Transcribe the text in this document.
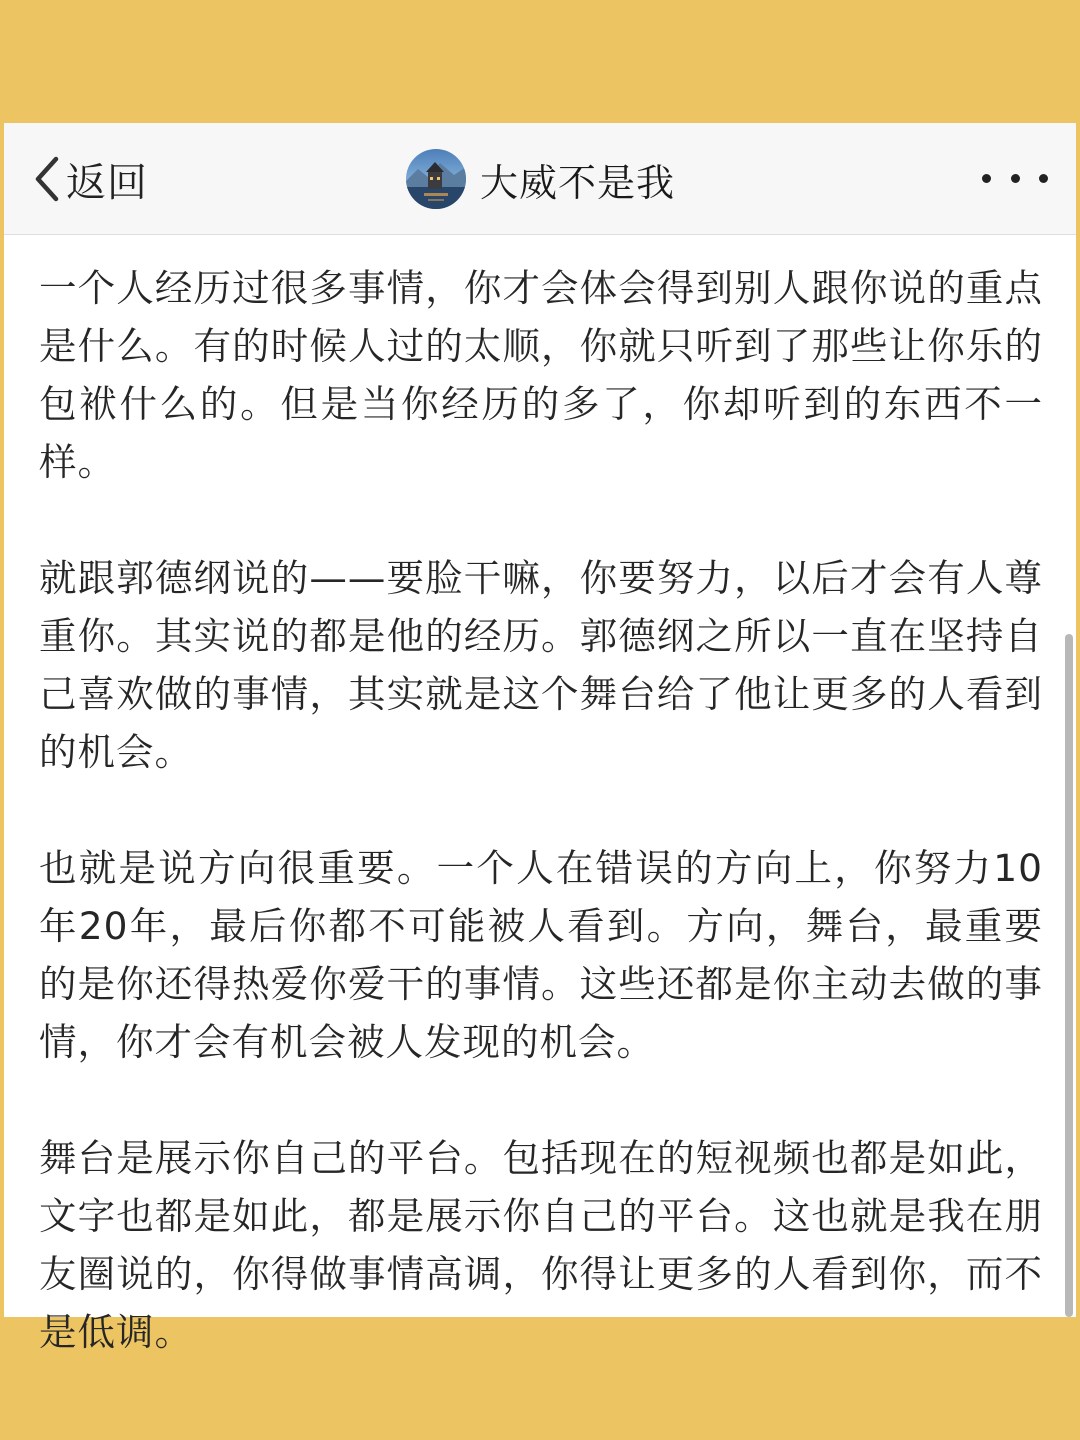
返回	大威不是我

一个人经历过很多事情，你才会体会得到别人跟你说的重点是什么。有的时候人过的太顺，你就只听到了那些让你乐的包袱什么的。但是当你经历的多了，你却听到的东西不一样。

就跟郭德纲说的——要脸干嘛，你要努力，以后才会有人尊重你。其实说的都是他的经历。郭德纲之所以一直在坚持自己喜欢做的事情，其实就是这个舞台给了他让更多的人看到的机会。

也就是说方向很重要。一个人在错误的方向上，你努力10年20年，最后你都不可能被人看到。方向，舞台，最重要的是你还得热爱你爱干的事情。这些还都是你主动去做的事情，你才会有机会被人发现的机会。

舞台是展示你自己的平台。包括现在的短视频也都是如此，文字也都是如此，都是展示你自己的平台。这也就是我在朋友圈说的，你得做事情高调，你得让更多的人看到你，而不是低调。
